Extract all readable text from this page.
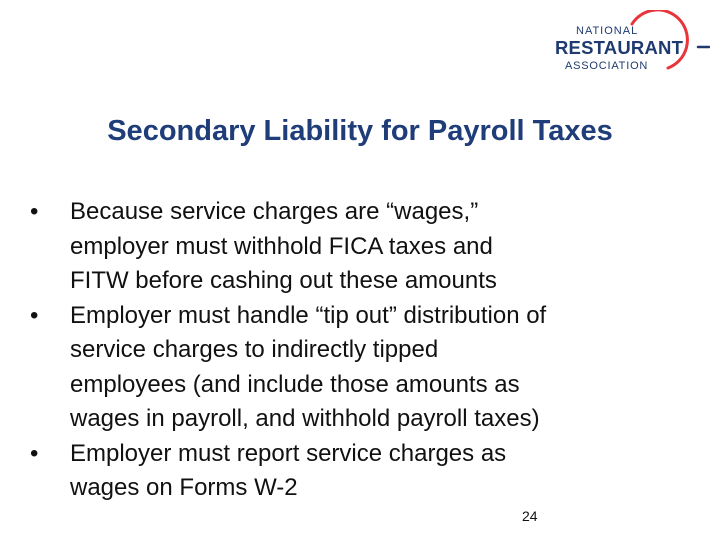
NATIONAL
RESTAURANT
ASSOCIATION
Secondary Liability for Payroll Taxes
•	Because service charges are “wages,”
employer must withhold FICA taxes and
FITW before cashing out these amounts
•	Employer must handle “tip out” distribution of
service charges to indirectly tipped
employees (and include those amounts as
wages in payroll, and withhold payroll taxes)
•	Employer must report service charges as
wages on Forms W-2
24
